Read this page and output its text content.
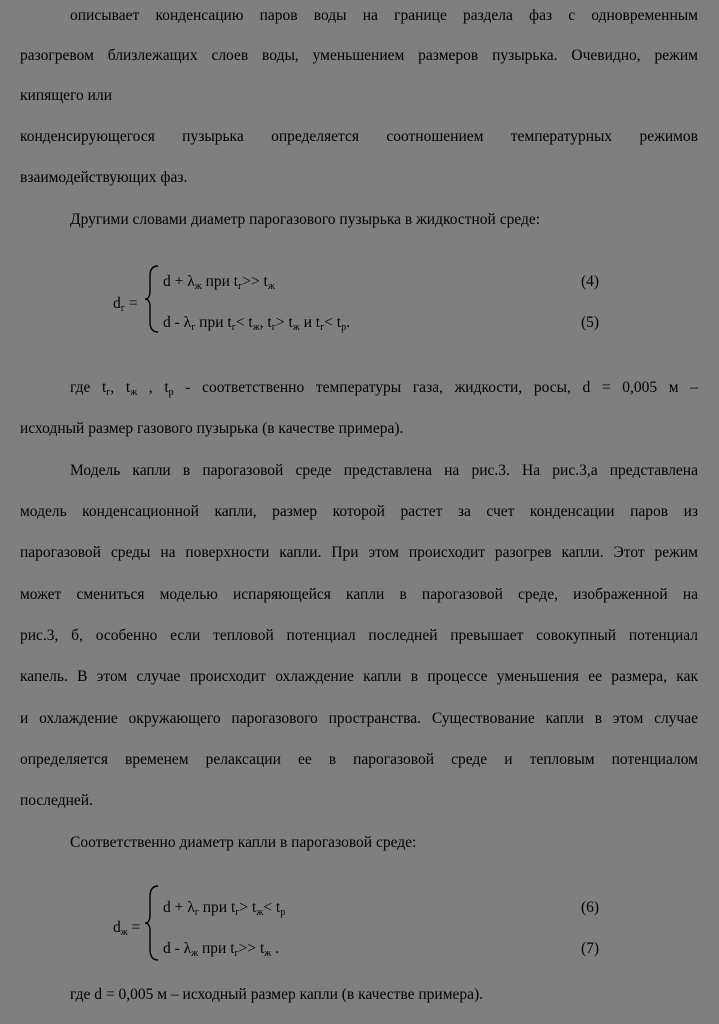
описывает конденсацию паров воды на границе раздела фаз с одновременным
разогревом близлежащих слоев воды, уменьшением размеров пузырька. Очевидно, режим
кипящего или
конденсирующегося пузырька определяется соотношением температурных режимов
взаимодействующих фаз.
Другими словами диаметр парогазового пузырька в жидкостной среде:
$d_г$ =
$d + \lambda_ж$ при $t_г>> t_ж$	(4)
d - $\lambda_г$ при $t_г< t_ж$, $t_г> t_ж$ и $t_г< t_р$.	(5)
где $t_г$, $t_ж$ , $t_р$ - соответственно температуры газа, жидкости, росы, d = 0,005 м –
исходный размер газового пузырька (в качестве примера).
Модель капли в парогазовой среде представлена на рис.3. На рис.3,а представлена
модель конденсационной капли, размер которой растет за счет конденсации паров из
парогазовой среды на поверхности капли. При этом происходит разогрев капли. Этот режим
может смениться моделью испаряющейся капли в парогазовой среде, изображенной на
рис.3, б, особенно если тепловой потенциал последней превышает совокупный потенциал
капель. В этом случае происходит охлаждение капли в процессе уменьшения ее размера, как
и охлаждение окружающего парогазового пространства. Существование капли в этом случае
определяется временем релаксации ее в парогазовой среде и тепловым потенциалом
последней.
Соответственно диаметр капли в парогазовой среде:
$d_ж$ =
$d + \lambda_г$ при $t_г> t_ж< t_р$	(6)
d - $\lambda_ж$ при $t_г>> t_ж$ .	(7)
где d = 0,005 м – исходный размер капли (в качестве примера).
